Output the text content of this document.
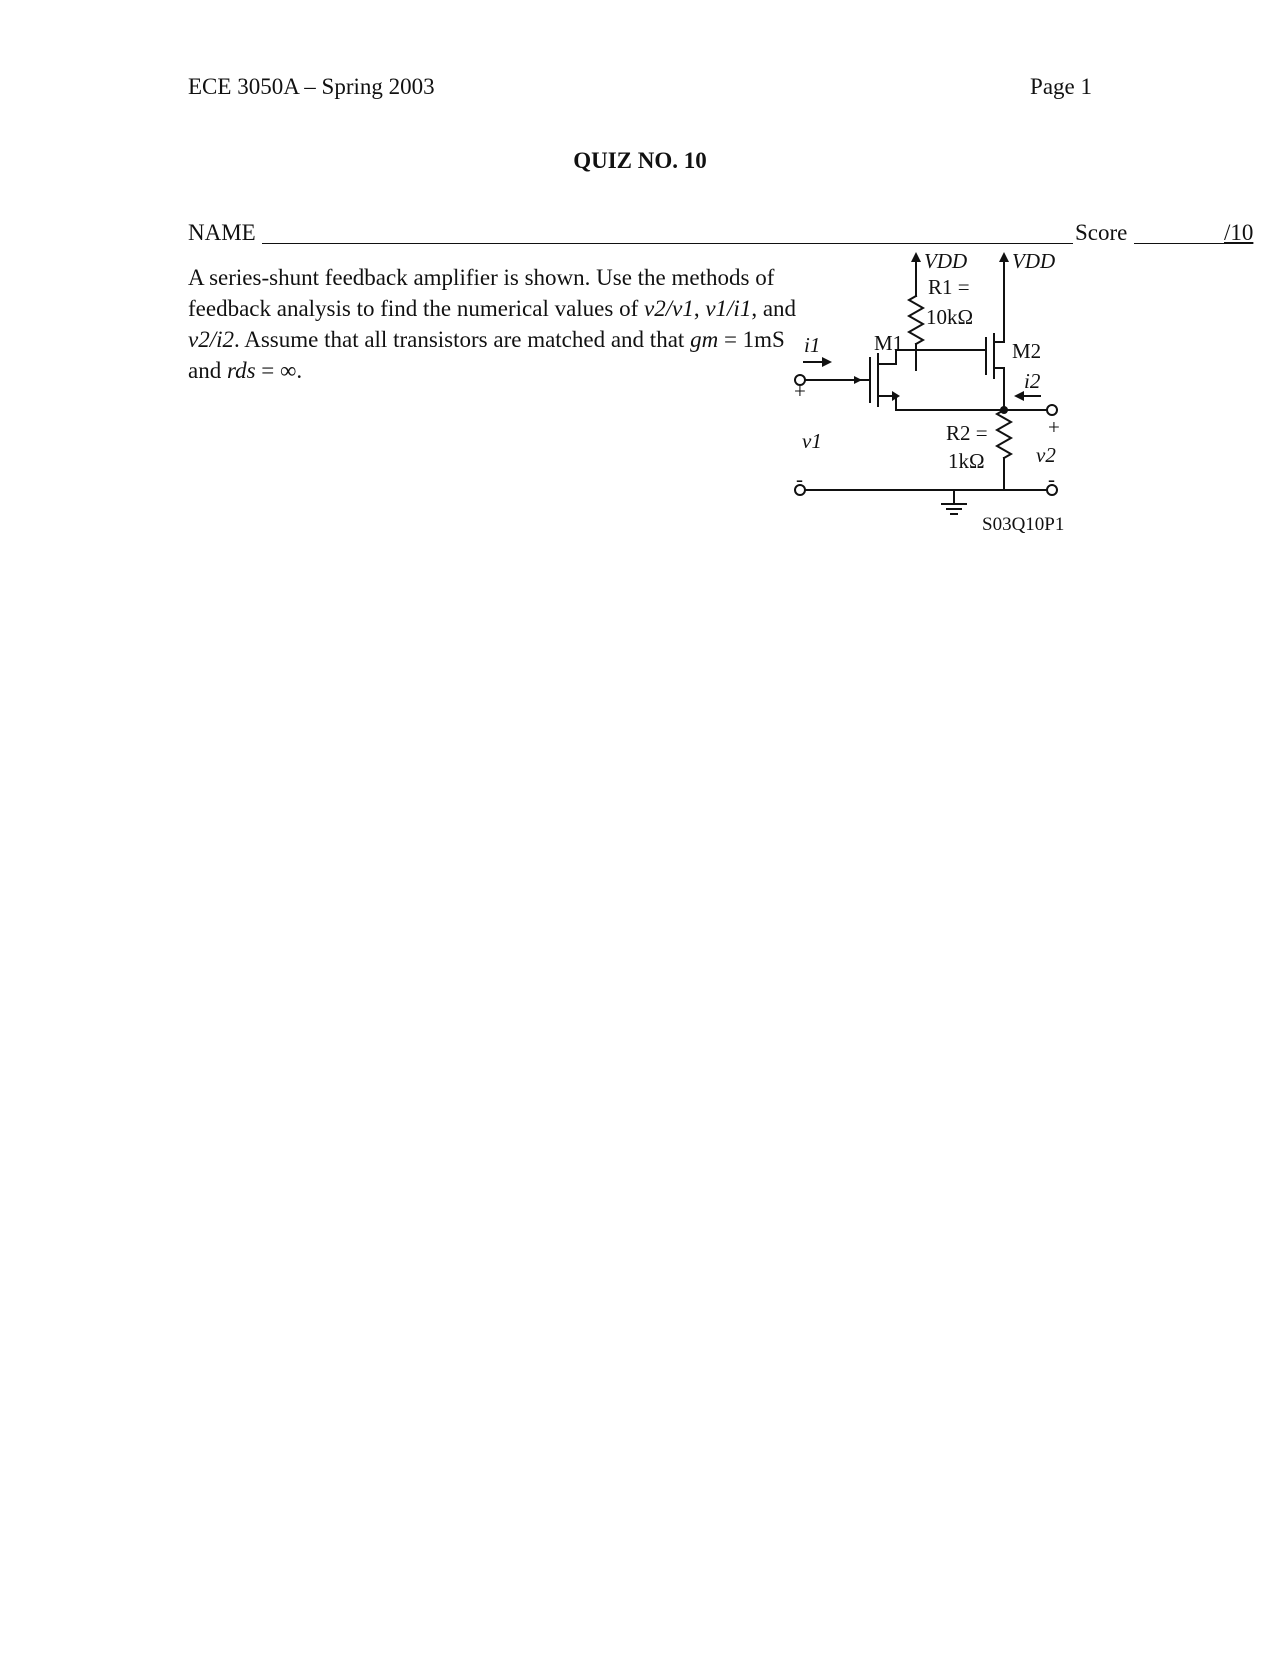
ECE 3050A – Spring 2003	Page 1
QUIZ NO. 10
NAME	Score	/10

A series-shunt feedback amplifier is shown. Use the methods of feedback analysis to find the numerical values of v2/v1, v1/i1, and v2/i2. Assume that all transistors are matched and that gm = 1mS and rds = ∞.

VDD VDD
R1 =
10kΩ
M1	M2
i1
i2
v1
v2
R2 =
1kΩ
+
-
+
-
S03Q10P1
